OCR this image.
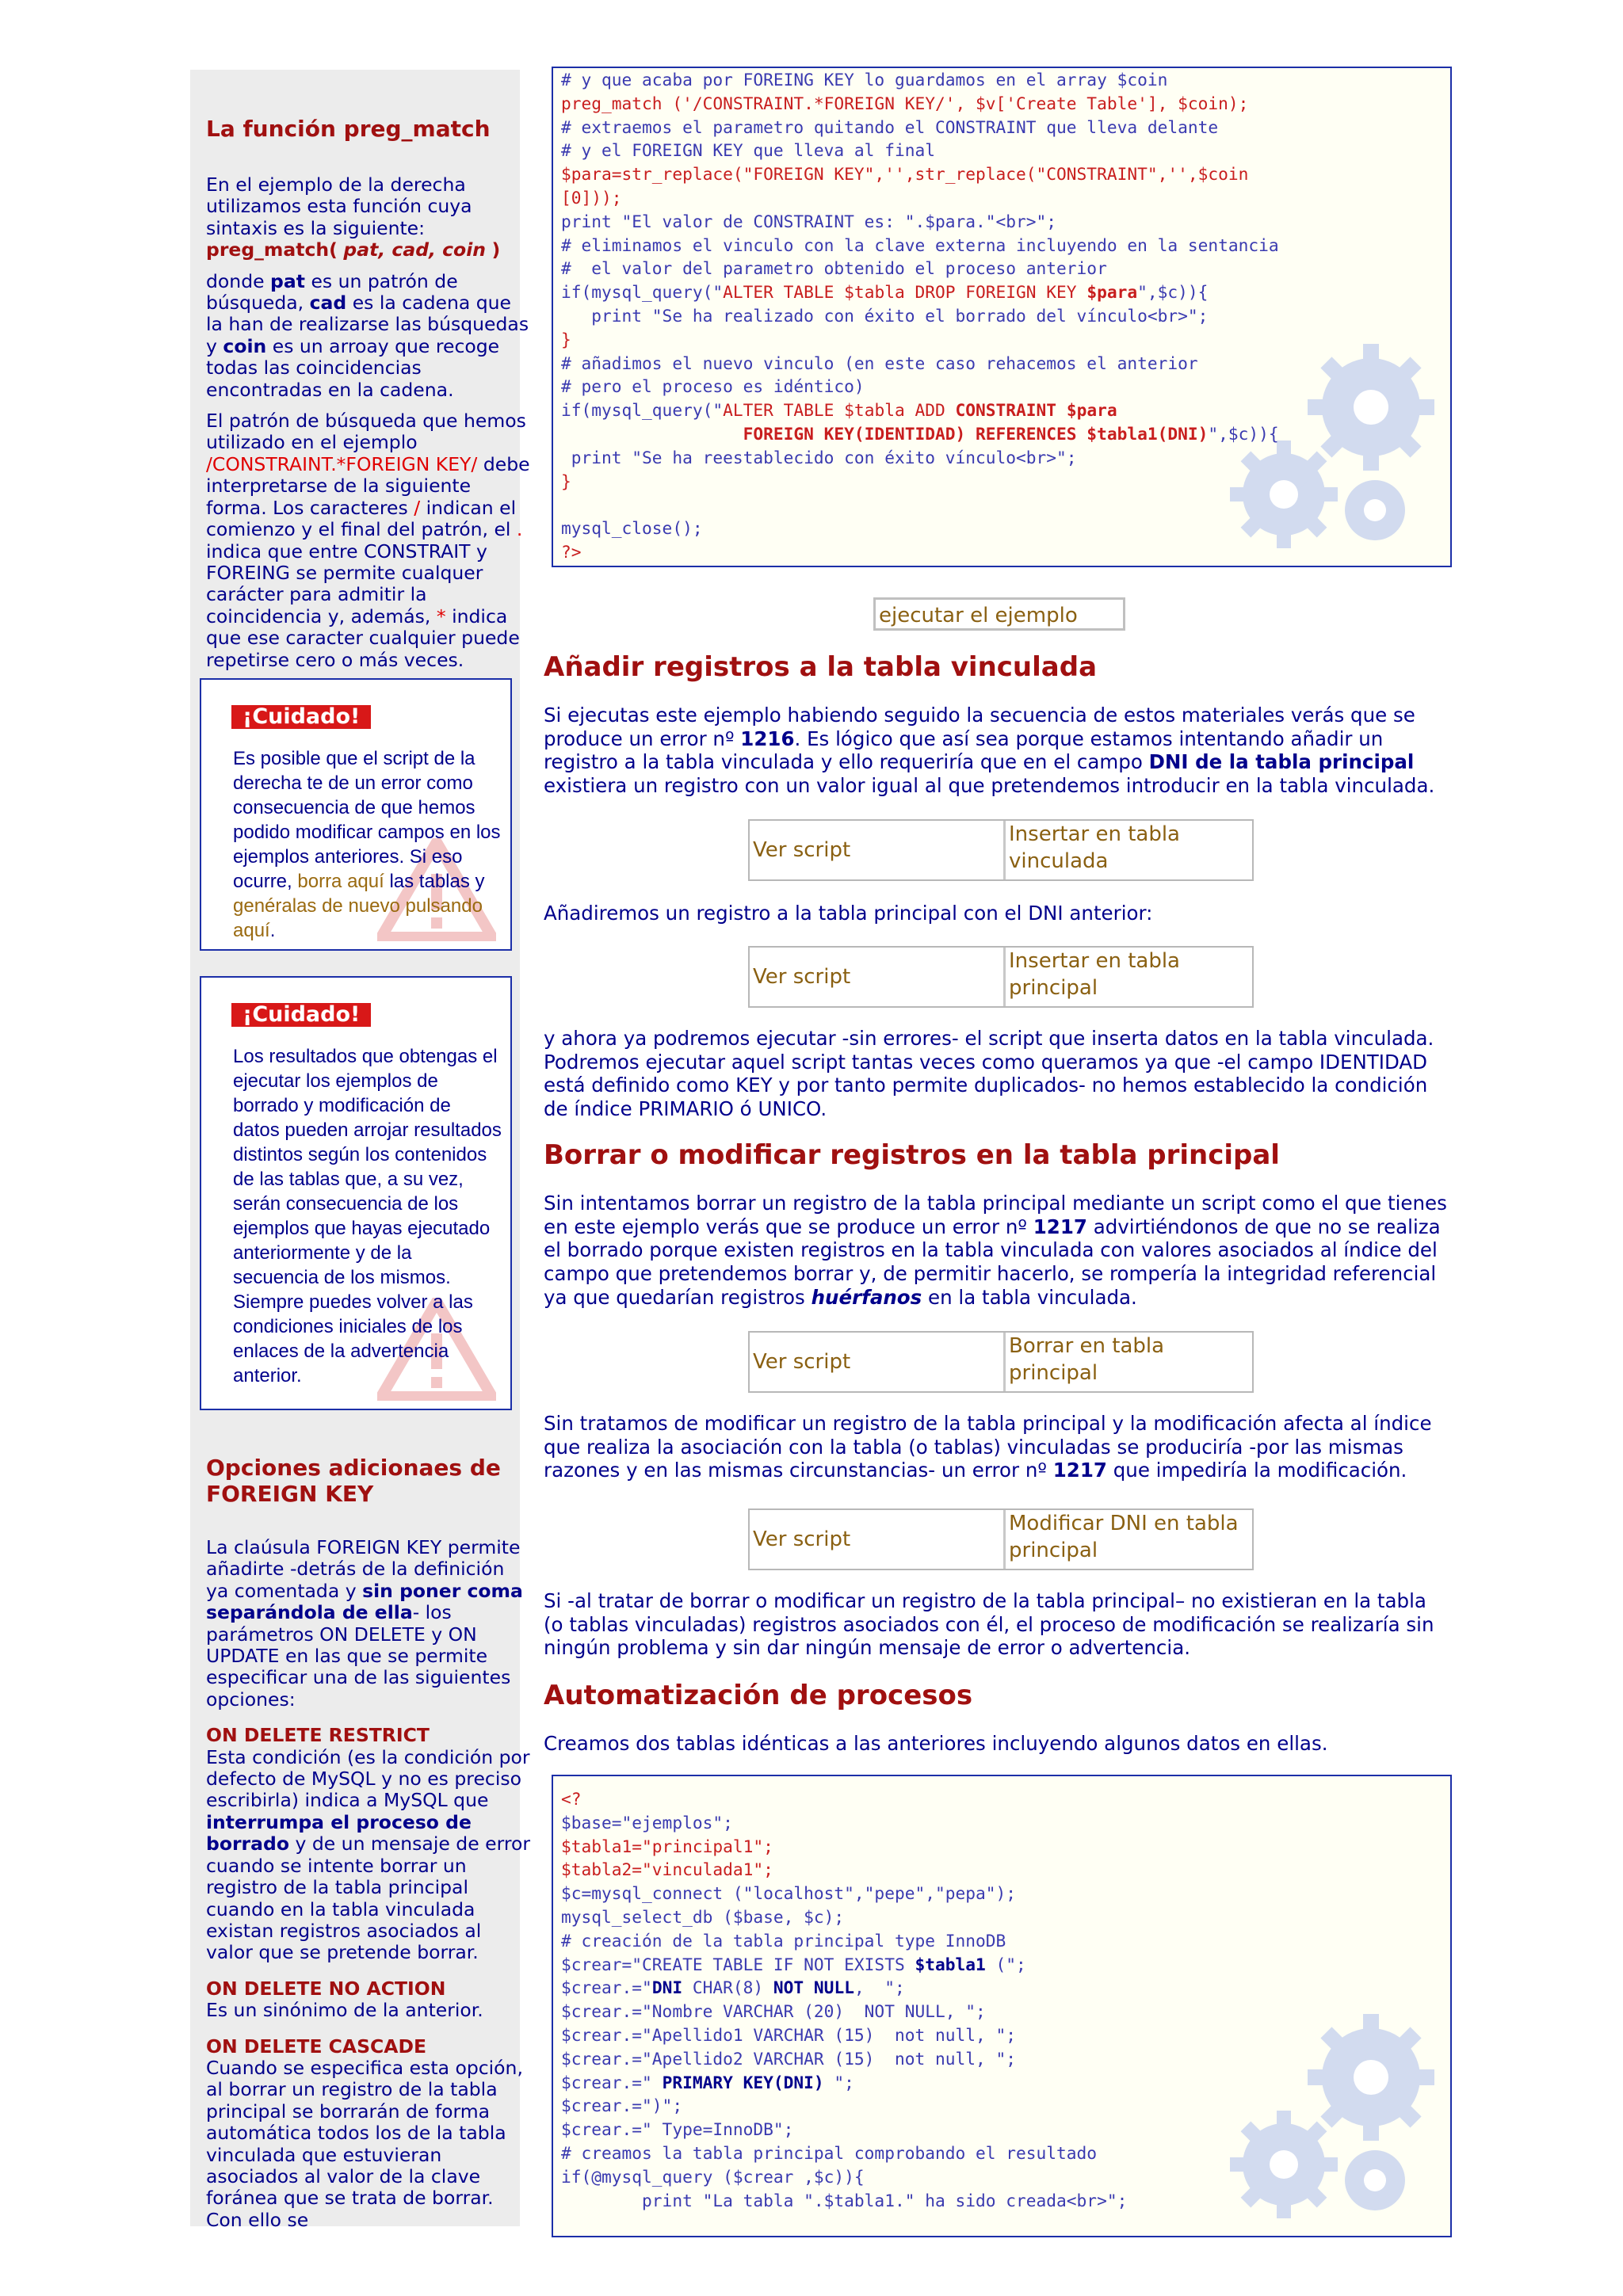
La función preg_match

En el ejemplo de la derecha utilizamos esta función cuya sintaxis es la siguiente:
preg_match( pat, cad, coin )

donde pat es un patrón de búsqueda, cad es la cadena que la han de realizarse las búsquedas y coin es un arroay que recoge todas las coincidencias encontradas en la cadena.

El patrón de búsqueda que hemos utilizado en el ejemplo /CONSTRAINT.*FOREIGN KEY/ debe interpretarse de la siguiente forma. Los caracteres / indican el comienzo y el final del patrón, el . indica que entre CONSTRAIT y FOREING se permite cualquer carácter para admitir la coincidencia y, además, * indica que ese caracter cualquier puede repetirse cero o más veces.

¡Cuidado!
Es posible que el script de la derecha te de un error como consecuencia de que hemos podido modificar campos en los ejemplos anteriores. Si eso ocurre, borra aquí las tablas y genéralas de nuevo pulsando aquí.
¡Cuidado!
Los resultados que obtengas el ejecutar los ejemplos de borrado y modificación de datos pueden arrojar resultados distintos según los contenidos de las tablas que, a su vez, serán consecuencia de los ejemplos que hayas ejecutado anteriormente y de la secuencia de los mismos. Siempre puedes volver a las condiciones iniciales de los enlaces de la advertencia anterior.
Opciones adicionaes de FOREIGN KEY

La claúsula FOREIGN KEY permite añadirte -detrás de la definición ya comentada y sin poner coma separándola de ella- los parámetros ON DELETE y ON UPDATE en las que se permite especificar una de las siguientes opciones:

ON DELETE RESTRICT
Esta condición (es la condición por defecto de MySQL y no es preciso escribirla) indica a MySQL que interrumpa el proceso de borrado y de un mensaje de error cuando se intente borrar un registro de la tabla principal cuando en la tabla vinculada existan registros asociados al valor que se pretende borrar.

ON DELETE NO ACTION
Es un sinónimo de la anterior.

ON DELETE CASCADE
Cuando se especifica esta opción, al borrar un registro de la tabla principal se borrarán de forma automática todos los de la tabla vinculada que estuvieran asociados al valor de la clave foránea que se trata de borrar. Con ello se

# y que acaba por FOREING KEY lo guardamos en el array $coin
preg_match ('/CONSTRAINT.*FOREIGN KEY/', $v['Create Table'], $coin);
# extraemos el parametro quitando el CONSTRAINT que lleva delante
# y el FOREIGN KEY que lleva al final
$para=str_replace("FOREIGN KEY",'',str_replace("CONSTRAINT",'',$coin
[0]));
print "El valor de CONSTRAINT es: ".$para."<br>";
# eliminamos el vinculo con la clave externa incluyendo en la sentancia
#  el valor del parametro obtenido el proceso anterior
if(mysql_query("ALTER TABLE $tabla DROP FOREIGN KEY $para",$c)){
print "Se ha realizado con éxito el borrado del vínculo<br>";
}
# añadimos el nuevo vinculo (en este caso rehacemos el anterior
# pero el proceso es idéntico)
if(mysql_query("ALTER TABLE $tabla ADD CONSTRAINT $para
FOREIGN KEY(IDENTIDAD) REFERENCES $tabla1(DNI)",$c)){
print "Se ha reestablecido con éxito vínculo<br>";
}

mysql_close();
?>
ejecutar el ejemplo
Añadir registros a la tabla vinculada
Si ejecutas este ejemplo habiendo seguido la secuencia de estos materiales verás que se produce un error nº 1216. Es lógico que así sea porque estamos intentando añadir un registro a la tabla vinculada y ello requeriría que en el campo DNI de la tabla principal existiera un registro con un valor igual al que pretendemos introducir en la tabla vinculada.
Ver script
Insertar en tabla vinculada
Añadiremos un registro a la tabla principal con el DNI anterior:
Ver script
Insertar en tabla principal
y ahora ya podremos ejecutar -sin errores- el script que inserta datos en la tabla vinculada. Podremos ejecutar aquel script tantas veces como queramos ya que -el campo IDENTIDAD está definido como KEY y por tanto permite duplicados- no hemos establecido la condición de índice PRIMARIO ó UNICO.
Borrar o modificar registros en la tabla principal
Sin intentamos borrar un registro de la tabla principal mediante un script como el que tienes en este ejemplo verás que se produce un error nº 1217 advirtiéndonos de que no se realiza el borrado porque existen registros en la tabla vinculada con valores asociados al índice del campo que pretendemos borrar y, de permitir hacerlo, se rompería la integridad referencial ya que quedarían registros huérfanos en la tabla vinculada.
Ver script
Borrar en tabla principal
Sin tratamos de modificar un registro de la tabla principal y la modificación afecta al índice que realiza la asociación con la tabla (o tablas) vinculadas se produciría -por las mismas razones y en las mismas circunstancias- un error nº 1217 que impediría la modificación.
Ver script
Modificar DNI en tabla principal
Si -al tratar de borrar o modificar un registro de la tabla principal– no existieran en la tabla (o tablas vinculadas) registros asociados con él, el proceso de modificación se realizaría sin ningún problema y sin dar ningún mensaje de error o advertencia.
Automatización de procesos
Creamos dos tablas idénticas a las anteriores incluyendo algunos datos en ellas.
<?
$base="ejemplos";
$tabla1="principal1";
$tabla2="vinculada1";
$c=mysql_connect ("localhost","pepe","pepa");
mysql_select_db ($base, $c);
# creación de la tabla principal type InnoDB
$crear="CREATE TABLE IF NOT EXISTS $tabla1 (";
$crear.="DNI CHAR(8) NOT NULL,  ";
$crear.="Nombre VARCHAR (20)  NOT NULL, ";
$crear.="Apellido1 VARCHAR (15)  not null, ";
$crear.="Apellido2 VARCHAR (15)  not null, ";
$crear.=" PRIMARY KEY(DNI) ";
$crear.=")";
$crear.=" Type=InnoDB";
# creamos la tabla principal comprobando el resultado
if(@mysql_query ($crear ,$c)){
print "La tabla ".$tabla1." ha sido creada<br>";
